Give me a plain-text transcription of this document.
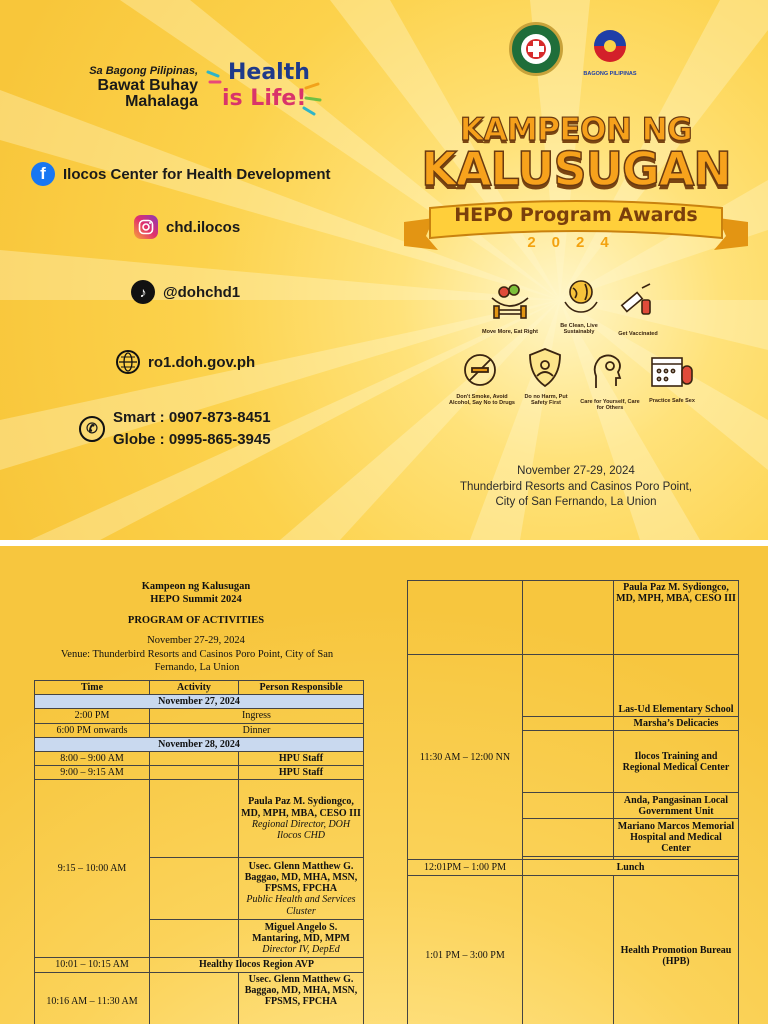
Sa Bagong Pilipinas,
Bawat Buhay
Mahalaga
Health
is Life!
f	Ilocos Center for Health Development
chd.ilocos
♪	@dohchd1
ro1.doh.gov.ph
✆
Smart : 0907-873-8451
Globe : 0995-865-3945
BAGONG PILIPINAS
KAMPEON NG
KALUSUGAN
HEPO Program Awards
2024
Move More, Eat Right
Be Clean, Live Sustainably	Get Vaccinated
Don't Smoke, Avoid Alcohol, Say No to Drugs
Do no Harm, Put Safety First	Care for Yourself, Care for Others
Practice Safe Sex
November 27-29, 2024
Thunderbird Resorts and Casinos Poro Point,
City of San Fernando, La Union
Kampeon ng Kalusugan
HEPO Summit 2024
PROGRAM OF ACTIVITIES
November 27-29, 2024
Venue: Thunderbird Resorts and Casinos Poro Point, City of San Fernando, La Union
Time	Activity	Person Responsible
November 27, 2024		
2:00 PM	Ingress	
6:00 PM onwards	Dinner	
November 28, 2024		
8:00 – 9:00 AM		HPU Staff
9:00 – 9:15 AM		HPU Staff
9:15 – 10:00 AM		Paula Paz M. Sydiongco, MD, MPH, MBA, CESO III
Regional Director, DOH Ilocos CHD

		Usec. Glenn Matthew G. Baggao, MD, MHA, MSN, FPSMS, FPCHA
Public Health and Services Cluster

		Miguel Angelo S. Mantaring, MD, MPM
Director IV, DepEd

10:01 – 10:15 AM	Healthy Ilocos Region AVP	
10:16 AM – 11:30 AM		Usec. Glenn Matthew G. Baggao, MD, MHA, MSN, FPSMS, FPCHA
		Paula Paz M. Sydiongco, MD, MPH, MBA, CESO III
11:30 AM – 12:00 NN		Las-Ud Elementary School
		Marsha’s Delicacies
		Ilocos Training and Regional Medical Center
		Anda, Pangasinan Local Government Unit
		Mariano Marcos Memorial Hospital and Medical Center

12:01PM – 1:00 PM	Lunch	
1:01 PM – 3:00 PM		Health Promotion Bureau (HPB)
